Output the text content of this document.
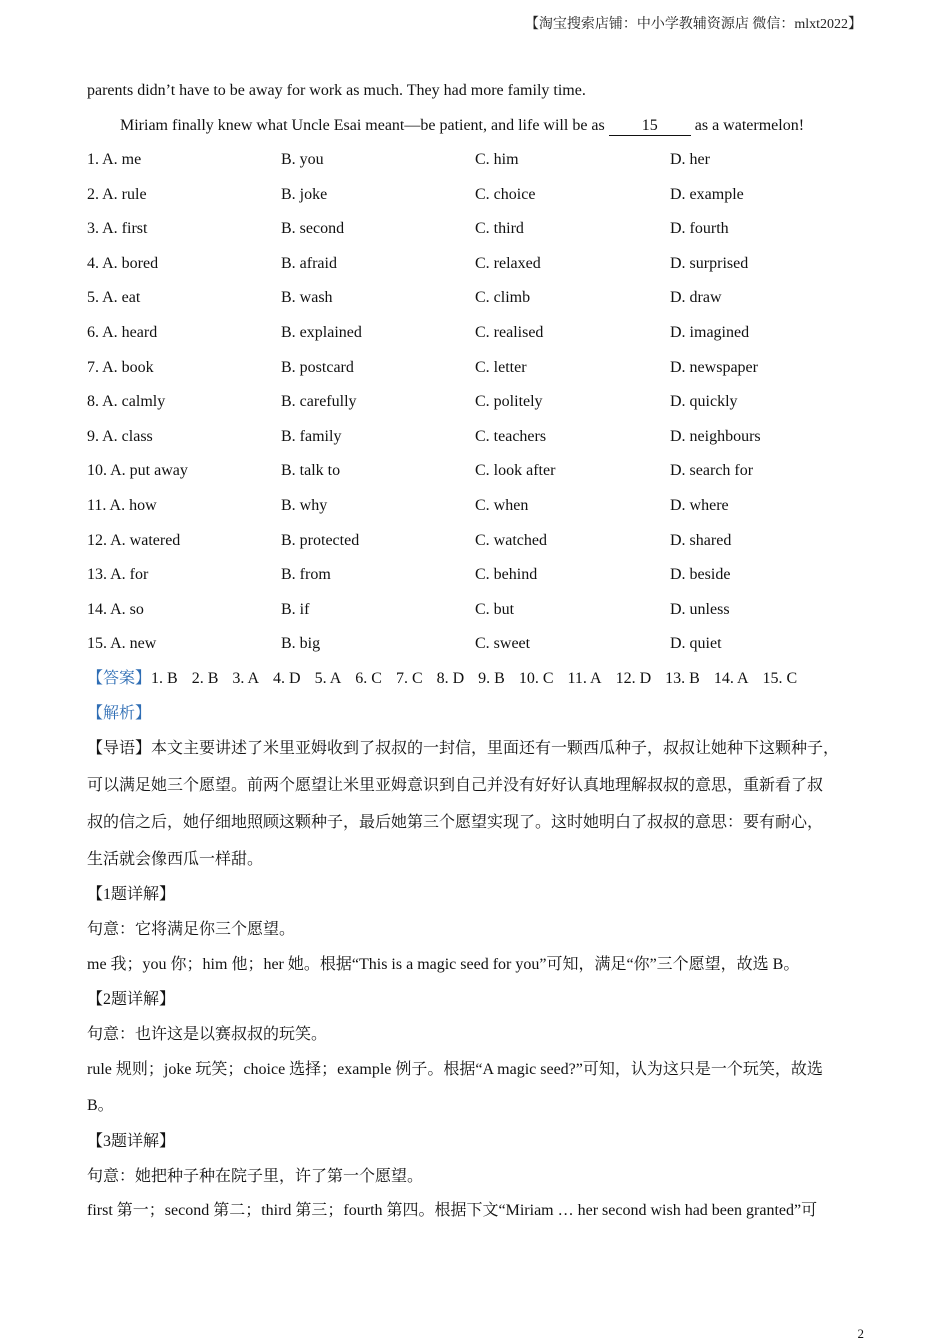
【淘宝搜索店铺：中小学教辅资源店 微信：mlxt2022】
parents didn’t have to be away for work as much. They had more family time.
Miriam finally knew what Uncle Esai meant—be patient, and life will be as 15 as a watermelon!
1. A. me	B. you	C. him	D. her
2. A. rule	B. joke	C. choice	D. example
3. A. first	B. second	C. third	D. fourth
4. A. bored	B. afraid	C. relaxed	D. surprised
5. A. eat	B. wash	C. climb	D. draw
6. A. heard	B. explained	C. realised	D. imagined
7. A. book	B. postcard	C. letter	D. newspaper
8. A. calmly	B. carefully	C. politely	D. quickly
9. A. class	B. family	C. teachers	D. neighbours
10. A. put away	B. talk to	C. look after	D. search for
11. A. how	B. why	C. when	D. where
12. A. watered	B. protected	C. watched	D. shared
13. A. for	B. from	C. behind	D. beside
14. A. so	B. if	C. but	D. unless
15. A. new	B. big	C. sweet	D. quiet
【答案】1. B 2. B 3. A 4. D 5. A 6. C 7. C 8. D 9. B 10. C 11. A 12. D 13. B 14. A 15. C
【解析】
【导语】本文主要讲述了米里亚姆收到了叔叔的一封信，里面还有一颗西瓜种子，叔叔让她种下这颗种子，
可以满足她三个愿望。前两个愿望让米里亚姆意识到自己并没有好好认真地理解叔叔的意思，重新看了叔
叔的信之后，她仔细地照顾这颗种子，最后她第三个愿望实现了。这时她明白了叔叔的意思：要有耐心，
生活就会像西瓜一样甜。
【1题详解】
句意：它将满足你三个愿望。
me 我；you 你；him 他；her 她。根据“This is a magic seed for you”可知，满足“你”三个愿望，故选 B。
【2题详解】
句意：也许这是以赛叔叔的玩笑。
rule 规则；joke 玩笑；choice 选择；example 例子。根据“A magic seed?”可知，认为这只是一个玩笑，故选
B。
【3题详解】
句意：她把种子种在院子里，许了第一个愿望。
first 第一；second 第二；third 第三；fourth 第四。根据下文“Miriam … her second wish had been granted”可
2
